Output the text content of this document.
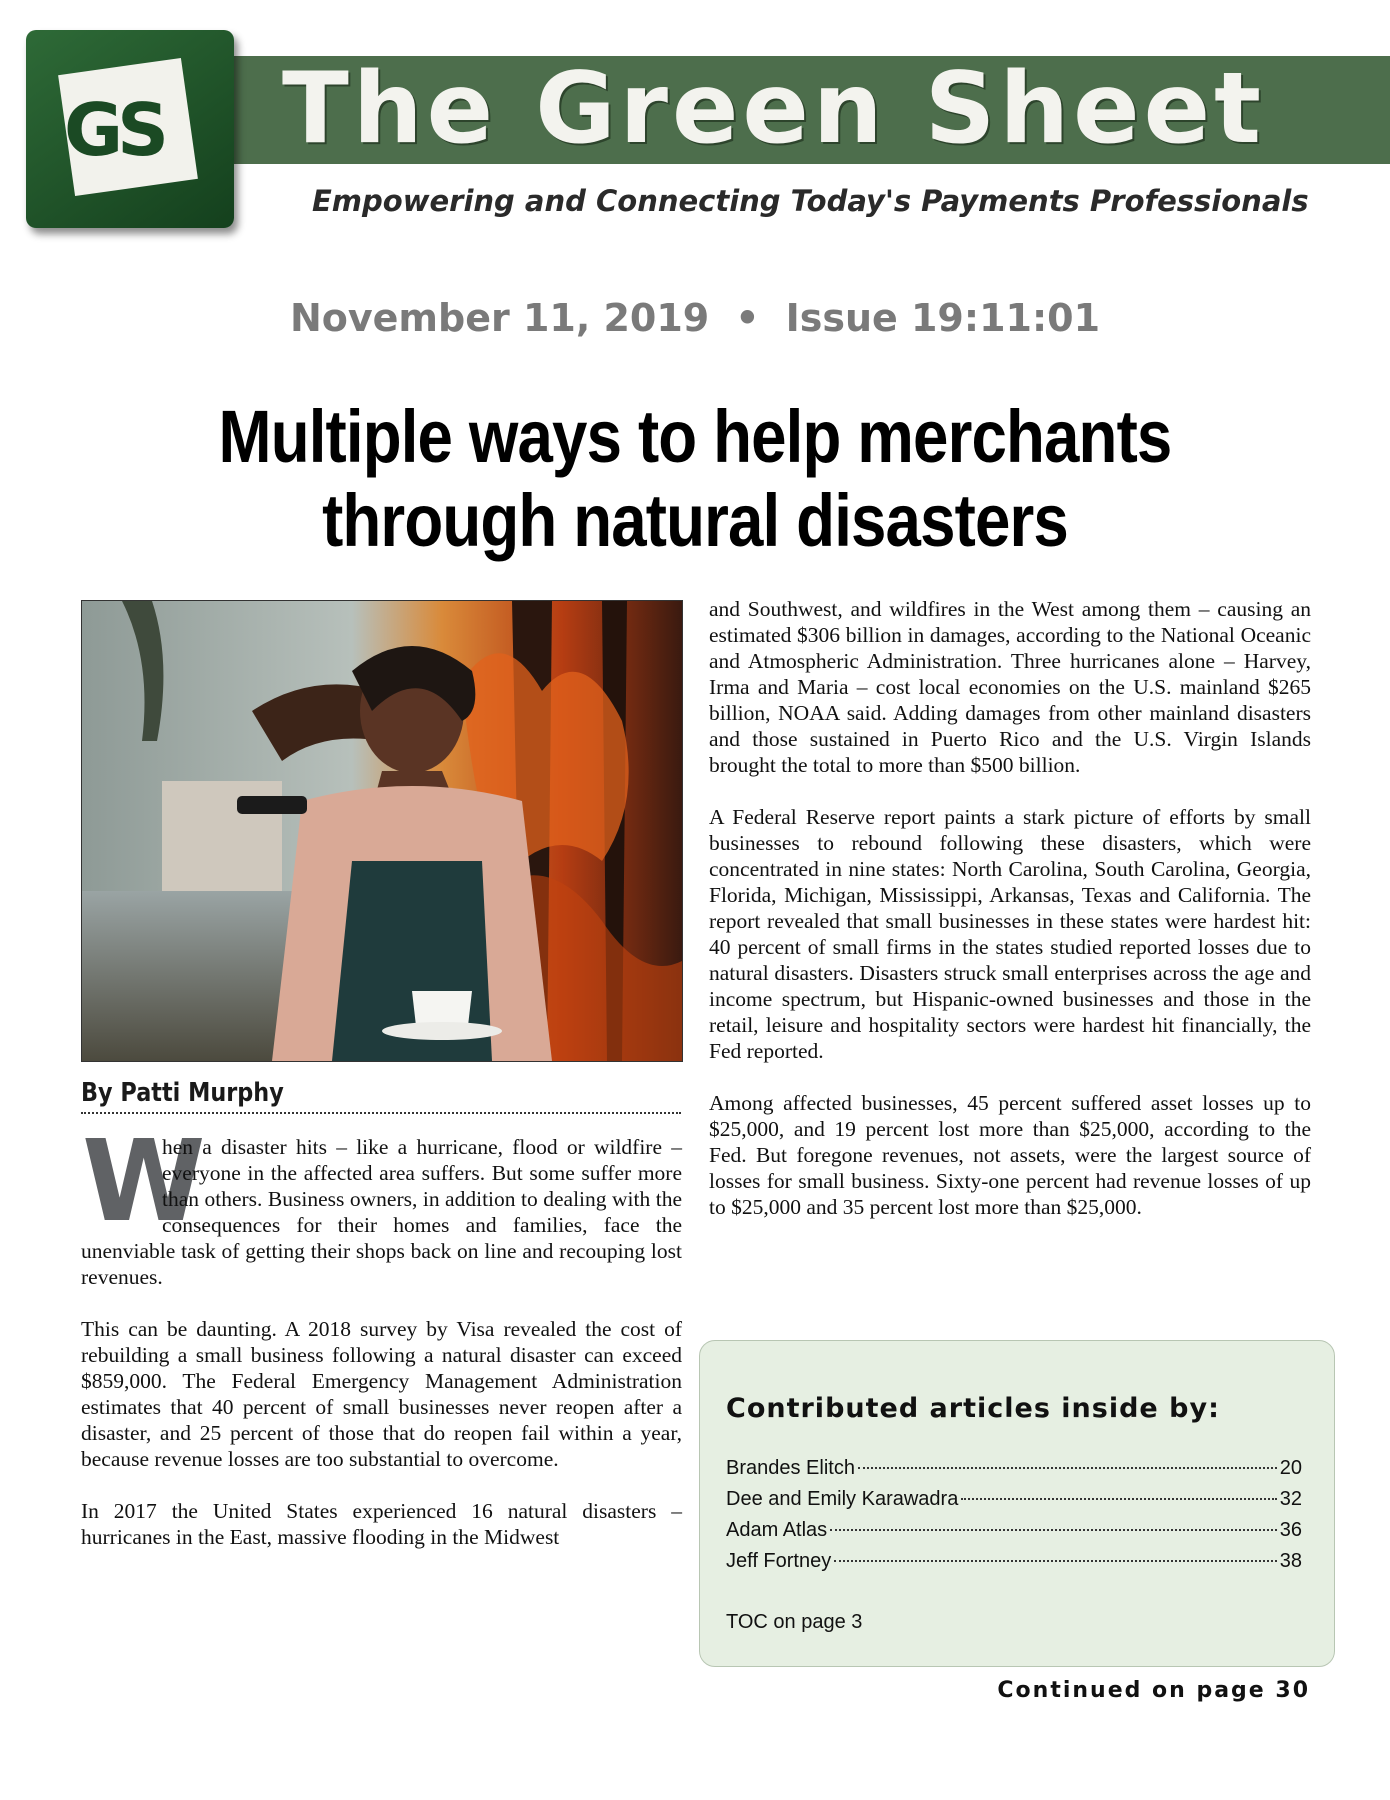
GS The Green Sheet
Empowering and Connecting Today's Payments Professionals
November 11, 2019 • Issue 19:11:01
Multiple ways to help merchants
through natural disasters
By Patti Murphy
W

hen a disaster hits – like a hurricane, flood or wildfire – everyone in the affected area suffers. But some suffer more than others. Business owners, in addition to dealing with the consequences for their homes and families, face the unenviable task of getting their shops back on line and recouping lost revenues.

This can be daunting. A 2018 survey by Visa revealed the cost of rebuilding a small business following a natural disaster can exceed $859,000. The Federal Emergency Management Administration estimates that 40 percent of small businesses never reopen after a disaster, and 25 percent of those that do reopen fail within a year, because revenue losses are too substantial to overcome.

In 2017 the United States experienced 16 natural disasters – hurricanes in the East, massive flooding in the Midwest

and Southwest, and wildfires in the West among them – causing an estimated $306 billion in damages, according to the National Oceanic and Atmospheric Administration. Three hurricanes alone – Harvey, Irma and Maria – cost local economies on the U.S. mainland $265 billion, NOAA said. Adding damages from other mainland disasters and those sustained in Puerto Rico and the U.S. Virgin Islands brought the total to more than $500 billion.

A Federal Reserve report paints a stark picture of efforts by small businesses to rebound following these disasters, which were concentrated in nine states: North Carolina, South Carolina, Georgia, Florida, Michigan, Mississippi, Arkansas, Texas and California. The report revealed that small businesses in these states were hardest hit: 40 percent of small firms in the states studied reported losses due to natural disasters. Disasters struck small enterprises across the age and income spectrum, but Hispanic-owned businesses and those in the retail, leisure and hospitality sectors were hardest hit financially, the Fed reported.

Among affected businesses, 45 percent suffered asset losses up to $25,000, and 19 percent lost more than $25,000, according to the Fed. But foregone revenues, not assets, were the largest source of losses for small business. Sixty-one percent had revenue losses of up to $25,000 and 35 percent lost more than $25,000.

Contributed articles inside by:
Brandes Elitch	20
Dee and Emily Karawadra	32
Adam Atlas	36
Jeff Fortney	38
TOC on page 3
Continued on page 30
